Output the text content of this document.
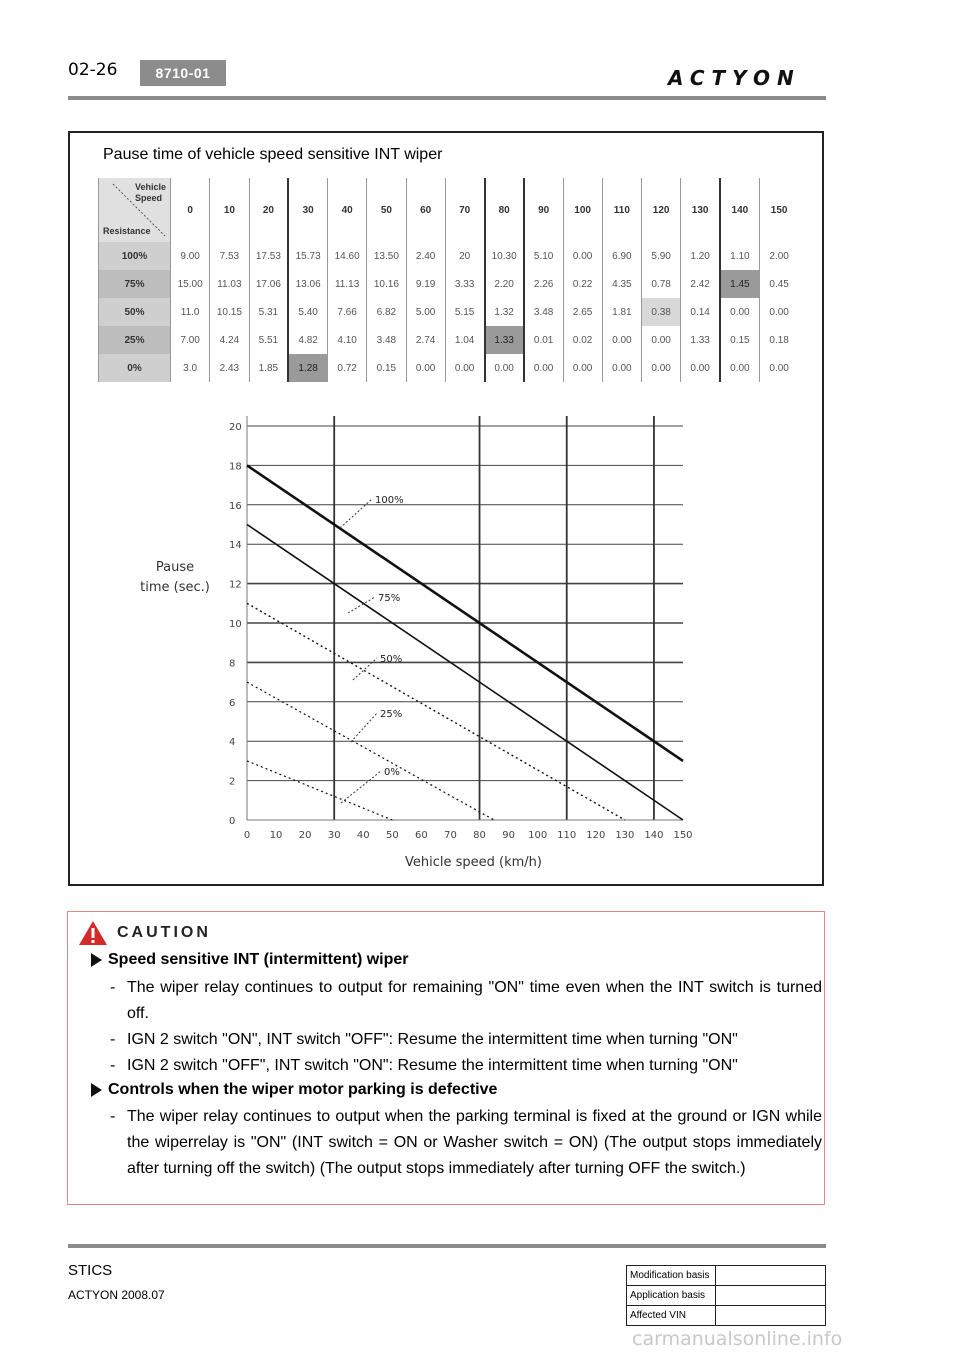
02-26	8710-01	ACTYON
Pause time of vehicle speed sensitive INT wiper
Vehicle Speed
Resistance	0	10	20	30	40	50	60	70	80	90	100	110	120	130	140	150
100%	9.00	7.53	17.53	15.73	14.60	13.50	2.40	20	10.30	5.10	0.00	6.90	5.90	1.20	1.10	2.00
75%	15.00	11.03	17.06	13.06	11.13	10.16	9.19	3.33	2.20	2.26	0.22	4.35	0.78	2.42	1.45	0.45
50%	11.0	10.15	5.31	5.40	7.66	6.82	5.00	5.15	1.32	3.48	2.65	1.81	0.38	0.14	0.00	0.00
25%	7.00	4.24	5.51	4.82	4.10	3.48	2.74	1.04	1.33	0.01	0.02	0.00	0.00	1.33	0.15	0.18
0%	3.0	2.43	1.85	1.28	0.72	0.15	0.00	0.00	0.00	0.00	0.00	0.00	0.00	0.00	0.00	0.00
Pause time (sec.)
0
2
4
6
8
10
12
14
16
18
20
0 10 20 30 40 50 60 70 80 90 100 110 120 130 140 150
100%
75%
50%
25%
0%
Vehicle speed (km/h)
CAUTION
Speed sensitive INT (intermittent) wiper
- The wiper relay continues to output for remaining "ON" time even when the INT switch is turned off.
- IGN 2 switch "ON", INT switch "OFF": Resume the intermittent time when turning "ON"
- IGN 2 switch "OFF", INT switch "ON": Resume the intermittent time when turning "ON"
Controls when the wiper motor parking is defective
- The wiper relay continues to output when the parking terminal is fixed at the ground or IGN while the wiperrelay is "ON" (INT switch = ON or Washer switch = ON) (The output stops immediately after turning off the switch) (The output stops immediately after turning OFF the switch.)
STICS
ACTYON 2008.07
Modification basis	
Application basis	
Affected VIN	
carmanualsonline.info
